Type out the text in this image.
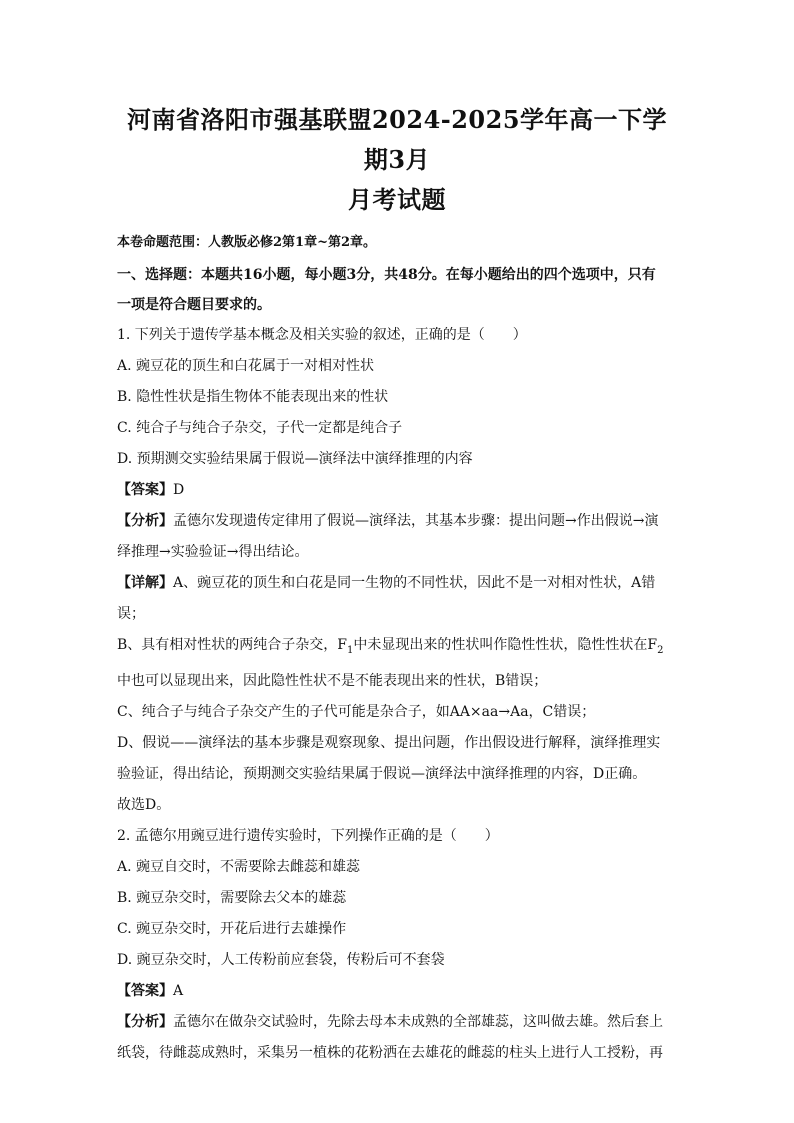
河南省洛阳市强基联盟2024-2025学年高一下学期3月
月考试题
本卷命题范围：人教版必修2第1章~第2章。
一、选择题：本题共16小题，每小题3分，共48分。在每小题给出的四个选项中，只有
一项是符合题目要求的。

1. 下列关于遗传学基本概念及相关实验的叙述，正确的是（　　）

A. 豌豆花的顶生和白花属于一对相对性状

B. 隐性性状是指生物体不能表现出来的性状

C. 纯合子与纯合子杂交，子代一定都是纯合子

D. 预期测交实验结果属于假说—演绎法中演绎推理的内容

【答案】D

【分析】孟德尔发现遗传定律用了假说—演绎法，其基本步骤：提出问题→作出假说→演
绎推理→实验验证→得出结论。

【详解】A、豌豆花的顶生和白花是同一生物的不同性状，因此不是一对相对性状，A错
误；

B、具有相对性状的两纯合子杂交，$F_1$中未显现出来的性状叫作隐性性状，隐性性状在$F_2$
中也可以显现出来，因此隐性性状不是不能表现出来的性状，B错误；

C、纯合子与纯合子杂交产生的子代可能是杂合子，如AA×aa→Aa，C错误；

D、假说——演绎法的基本步骤是观察现象、提出问题，作出假设进行解释，演绎推理实
验验证，得出结论，预期测交实验结果属于假说—演绎法中演绎推理的内容，D正确。

故选D。

2. 孟德尔用豌豆进行遗传实验时，下列操作正确的是（　　）

A. 豌豆自交时，不需要除去雌蕊和雄蕊

B. 豌豆杂交时，需要除去父本的雄蕊

C. 豌豆杂交时，开花后进行去雄操作

D. 豌豆杂交时，人工传粉前应套袋，传粉后可不套袋

【答案】A

【分析】孟德尔在做杂交试验时，先除去母本未成熟的全部雄蕊，这叫做去雄。然后套上
纸袋，待雌蕊成熟时，采集另一植株的花粉洒在去雄花的雌蕊的柱头上进行人工授粉，再
